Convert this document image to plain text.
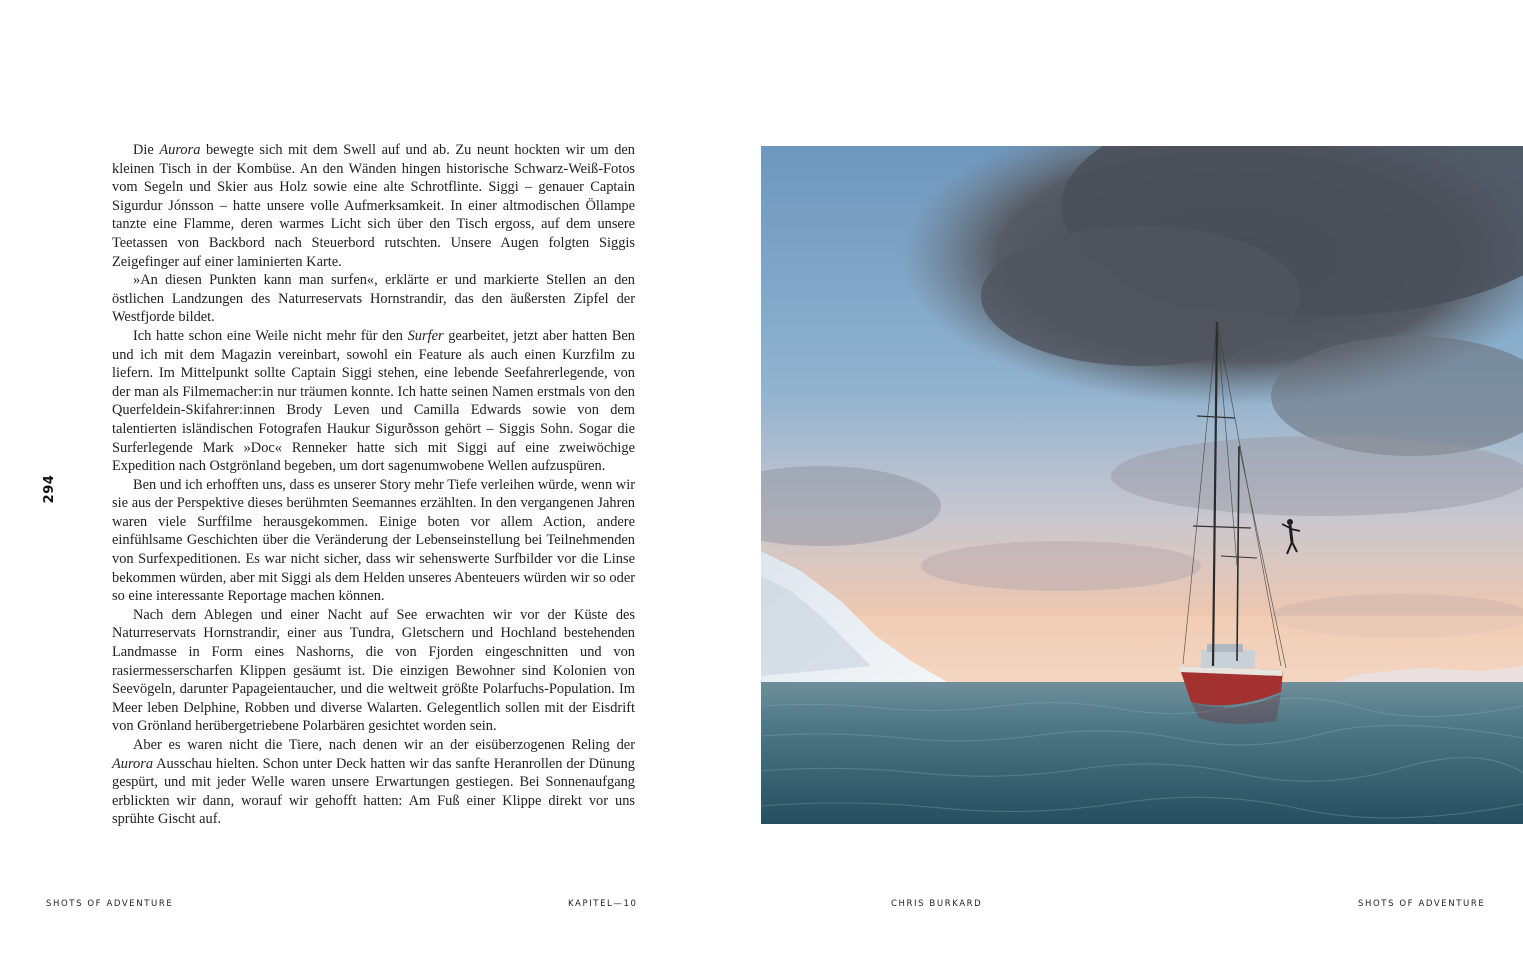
294

Die Aurora bewegte sich mit dem Swell auf und ab. Zu neunt hockten wir um den kleinen Tisch in der Kombüse. An den Wänden hingen historische Schwarz-Weiß-Fotos vom Segeln und Skier aus Holz sowie eine alte Schrotflinte. Siggi – genauer Captain Sigurdur Jónsson – hatte unsere volle Aufmerksamkeit. In einer altmodischen Öllampe tanzte eine Flamme, deren warmes Licht sich über den Tisch ergoss, auf dem unsere Teetassen von Backbord nach Steuerbord rutschten. Unsere Augen folgten Siggis Zeigefinger auf einer laminierten Karte.

»An diesen Punkten kann man surfen«, erklärte er und markierte Stellen an den östlichen Landzungen des Naturreservats Hornstrandir, das den äußersten Zipfel der Westfjorde bildet.

Ich hatte schon eine Weile nicht mehr für den Surfer gearbeitet, jetzt aber hatten Ben und ich mit dem Magazin vereinbart, sowohl ein Feature als auch einen Kurzfilm zu liefern. Im Mittelpunkt sollte Captain Siggi stehen, eine lebende Seefahrerlegende, von der man als Filmemacher:in nur träumen konnte. Ich hatte seinen Namen erstmals von den Querfeldein-Skifahrer:innen Brody Leven und Camilla Edwards sowie von dem talentierten isländischen Fotografen Haukur Sigurðsson gehört – Siggis Sohn. Sogar die Surferlegende Mark »Doc« Renneker hatte sich mit Siggi auf eine zweiwöchige Expedition nach Ostgrönland begeben, um dort sagenumwobene Wellen aufzuspüren.

Ben und ich erhofften uns, dass es unserer Story mehr Tiefe verleihen würde, wenn wir sie aus der Perspektive dieses berühmten Seemannes erzählten. In den vergangenen Jahren waren viele Surffilme herausgekommen. Einige boten vor allem Action, andere einfühlsame Geschichten über die Veränderung der Lebenseinstellung bei Teilnehmenden von Surfexpeditionen. Es war nicht sicher, dass wir sehenswerte Surfbilder vor die Linse bekommen würden, aber mit Siggi als dem Helden unseres Abenteuers würden wir so oder so eine interessante Reportage machen können.

Nach dem Ablegen und einer Nacht auf See erwachten wir vor der Küste des Naturreservats Hornstrandir, einer aus Tundra, Gletschern und Hochland bestehenden Landmasse in Form eines Nashorns, die von Fjorden eingeschnitten und von rasiermesserscharfen Klippen gesäumt ist. Die einzigen Bewohner sind Kolonien von Seevögeln, darunter Papageientaucher, und die weltweit größte Polarfuchs-Population. Im Meer leben Delphine, Robben und diverse Walarten. Gelegentlich sollen mit der Eisdrift von Grönland herübergetriebene Polarbären gesichtet worden sein.

Aber es waren nicht die Tiere, nach denen wir an der eisüberzogenen Reling der Aurora Ausschau hielten. Schon unter Deck hatten wir das sanfte Heranrollen der Dünung gespürt, und mit jeder Welle waren unsere Erwartungen gestiegen. Bei Sonnenaufgang erblickten wir dann, worauf wir gehofft hatten: Am Fuß einer Klippe direkt vor uns sprühte Gischt auf.

SHOTS OF ADVENTURE	KAPITEL—10	CHRIS BURKARD	SHOTS OF ADVENTURE
